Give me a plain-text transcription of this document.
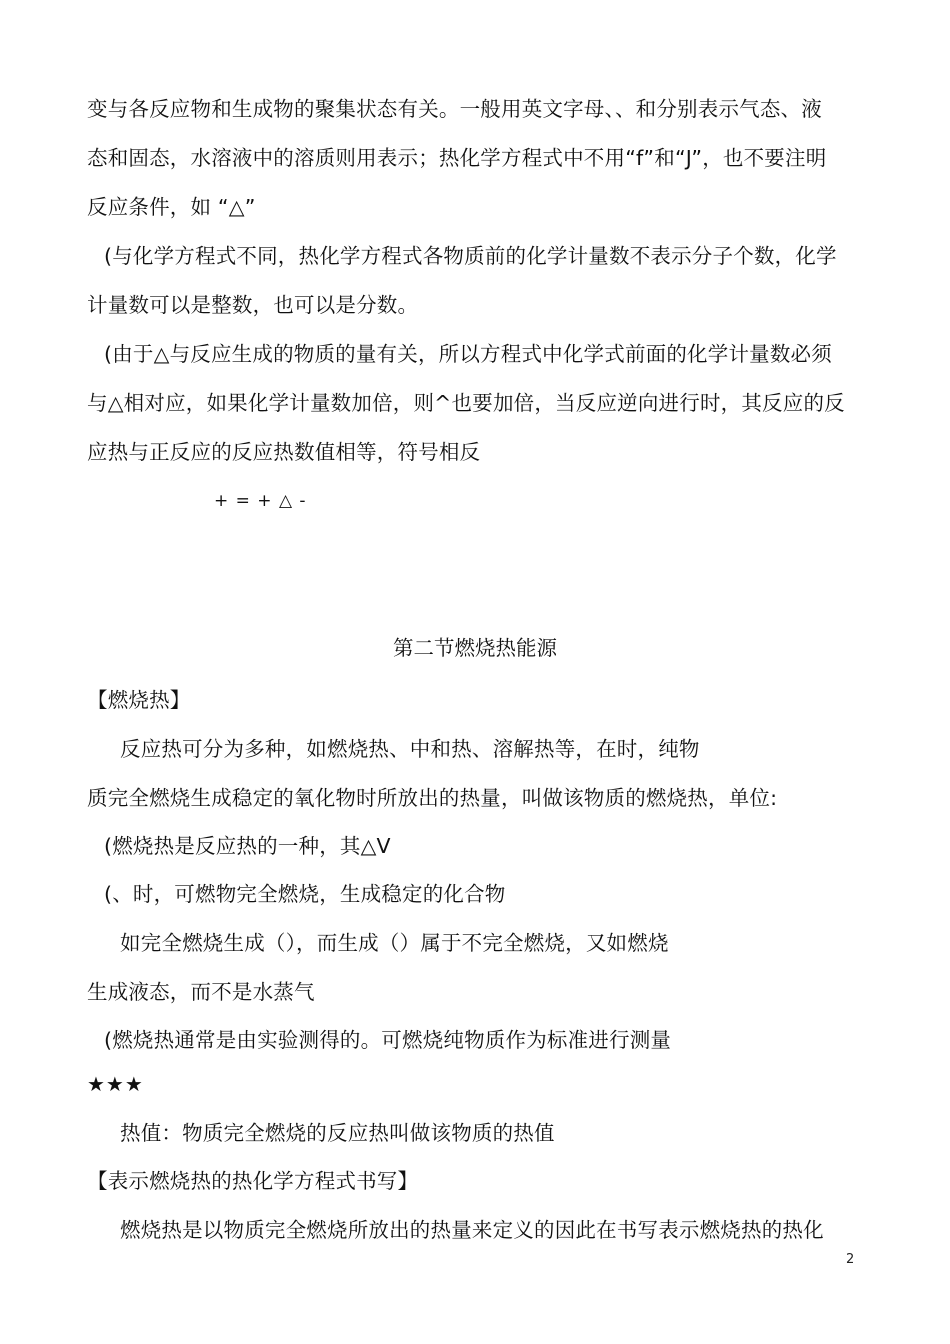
变与各反应物和生成物的聚集状态有关。一般用英文字母、、和分别表示气态、液
态和固态，水溶液中的溶质则用表示；热化学方程式中不用“f”和“J”，也不要注明
反应条件，如 “△”
(与化学方程式不同，热化学方程式各物质前的化学计量数不表示分子个数，化学
计量数可以是整数，也可以是分数。
(由于△与反应生成的物质的量有关，所以方程式中化学式前面的化学计量数必须
与△相对应，如果化学计量数加倍，则^也要加倍，当反应逆向进行时，其反应的反
应热与正反应的反应热数值相等，符号相反
+ = + △ -
第二节燃烧热能源
【燃烧热】
反应热可分为多种，如燃烧热、中和热、溶解热等，在时，纯物
质完全燃烧生成稳定的氧化物时所放出的热量，叫做该物质的燃烧热，单位:
(燃烧热是反应热的一种，其△V
(、时，可燃物完全燃烧，生成稳定的化合物
如完全燃烧生成（），而生成（）属于不完全燃烧，又如燃烧
生成液态，而不是水蒸气
(燃烧热通常是由实验测得的。可燃烧纯物质作为标准进行测量
★★★
热值：物质完全燃烧的反应热叫做该物质的热值
【表示燃烧热的热化学方程式书写】
燃烧热是以物质完全燃烧所放出的热量来定义的因此在书写表示燃烧热的热化
2
